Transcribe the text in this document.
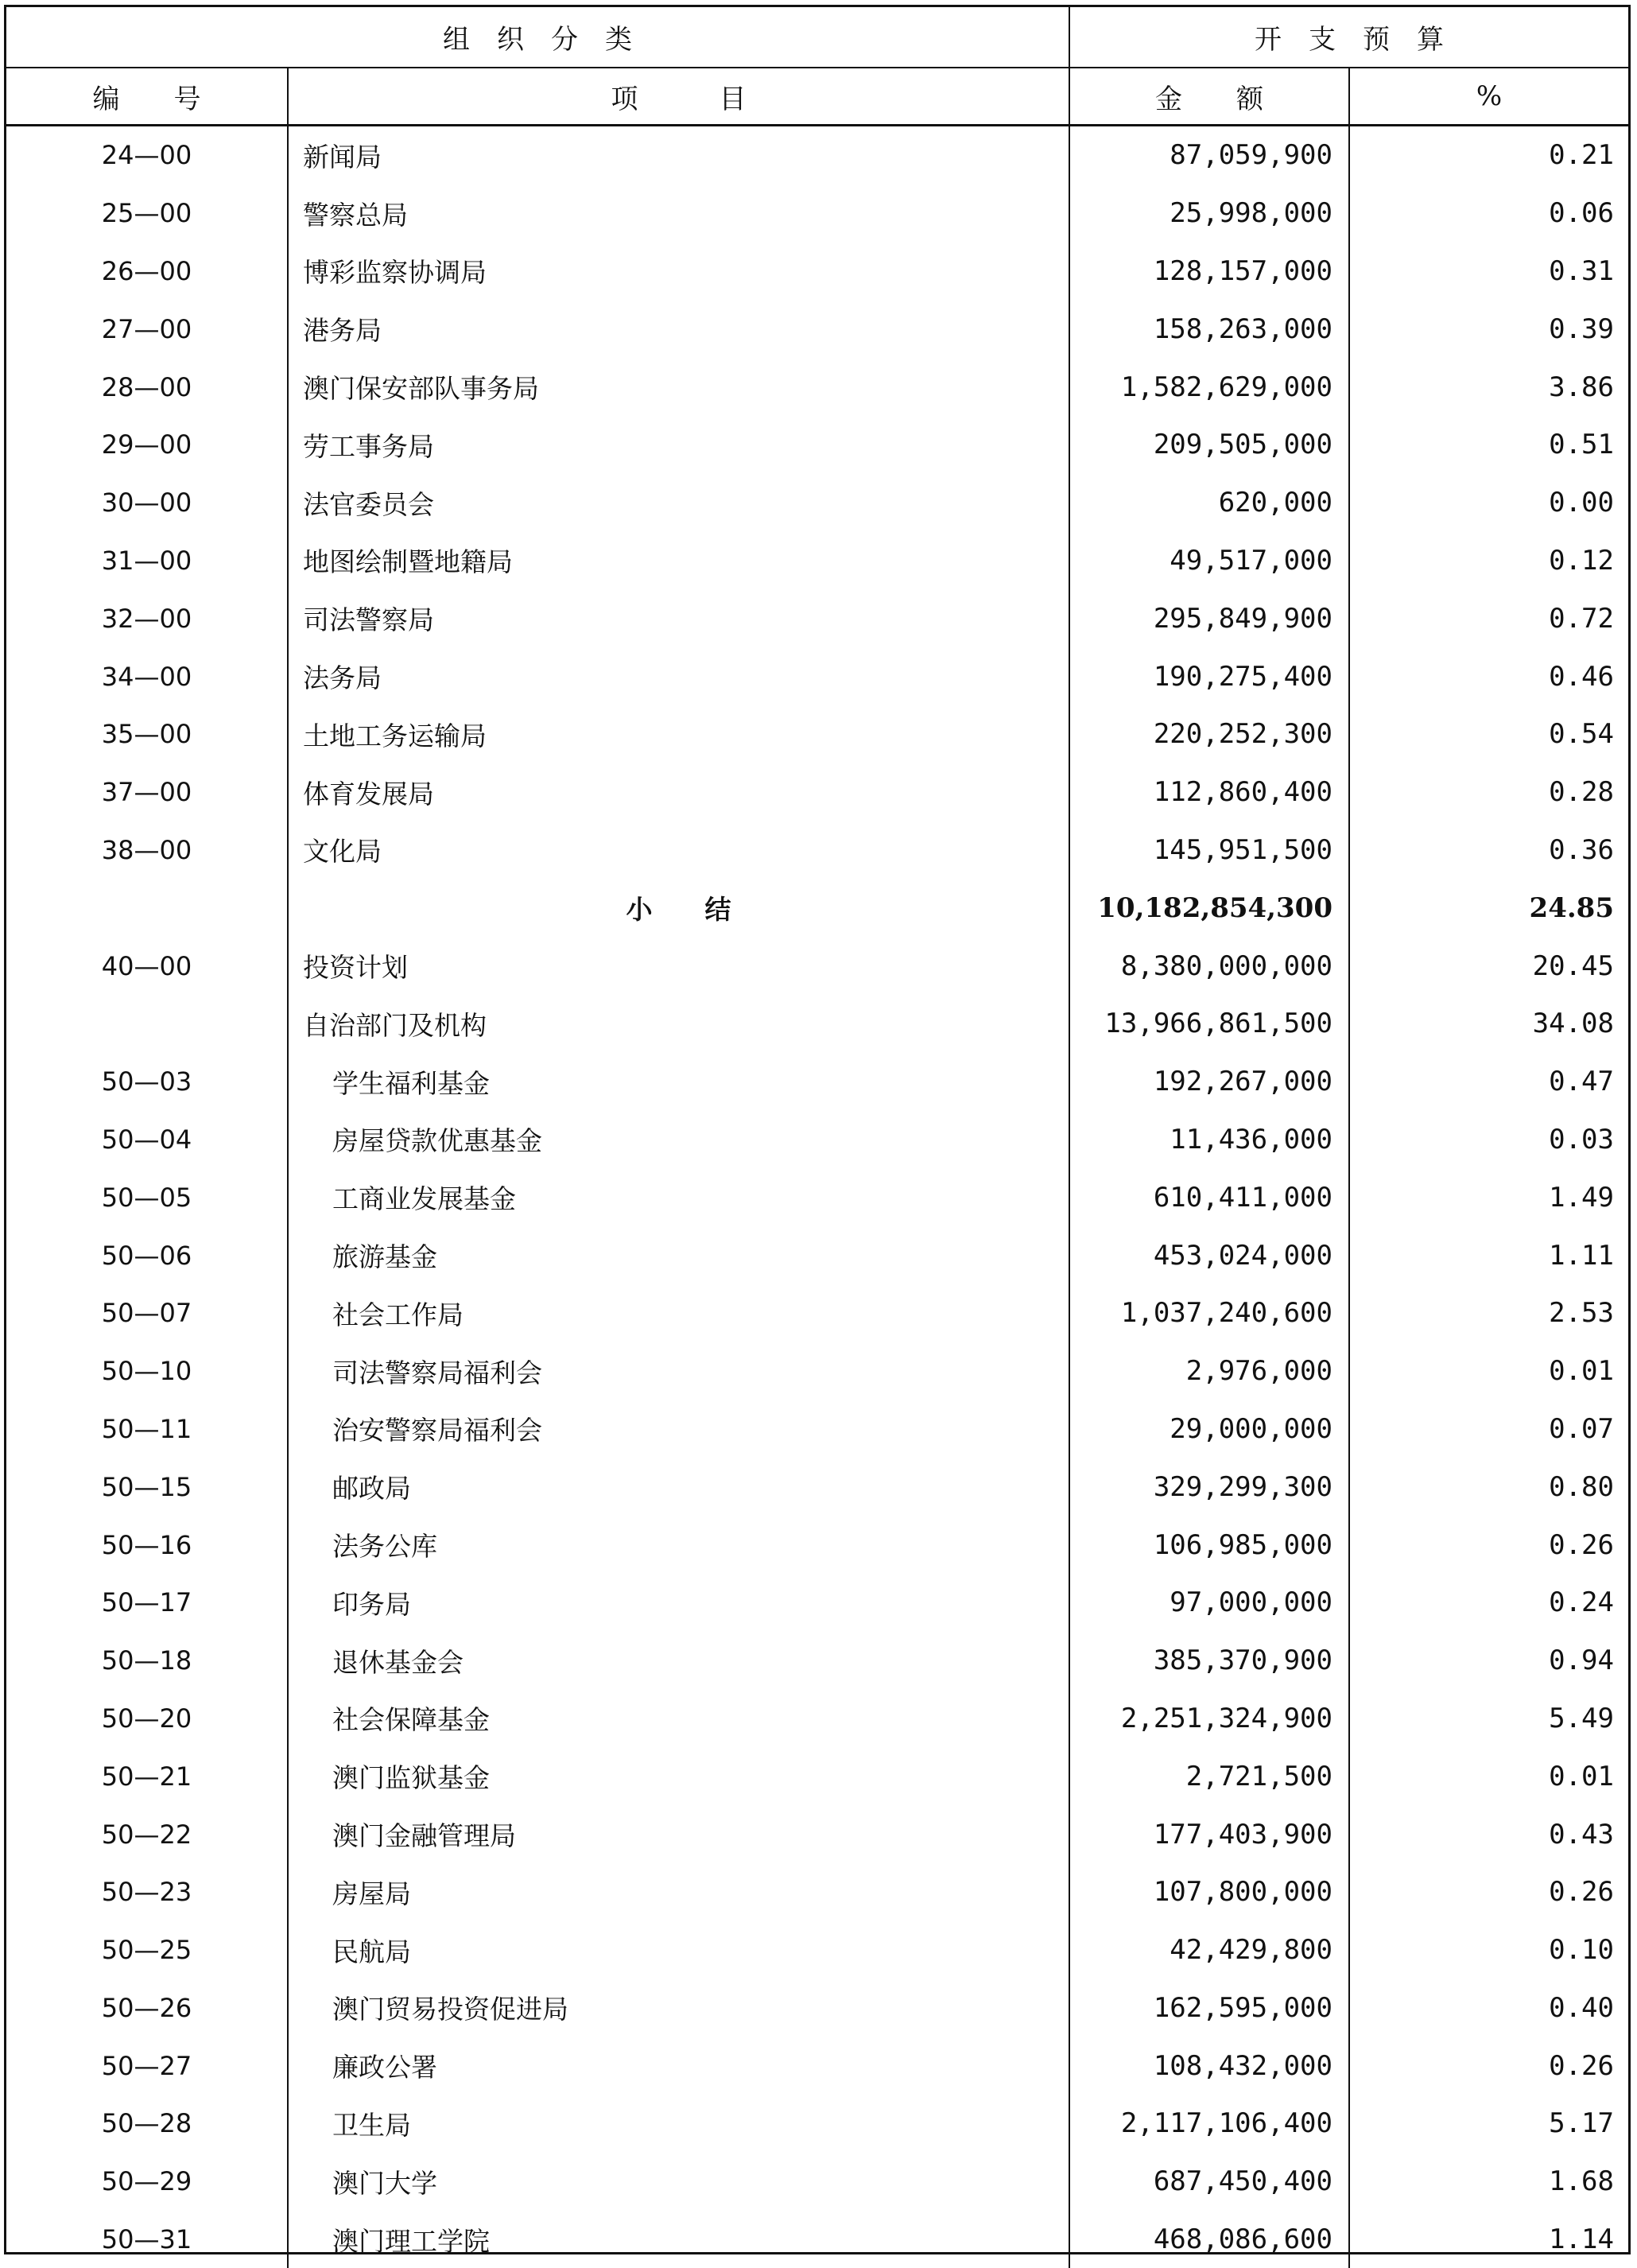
组　织　分　类		开　支　预　算	
编　　号	项　　　目	金　　额	%
24—00	新闻局	87,059,900	0.21
25—00	警察总局	25,998,000	0.06
26—00	博彩监察协调局	128,157,000	0.31
27—00	港务局	158,263,000	0.39
28—00	澳门保安部队事务局	1,582,629,000	3.86
29—00	劳工事务局	209,505,000	0.51
30—00	法官委员会	620,000	0.00
31—00	地图绘制暨地籍局	49,517,000	0.12
32—00	司法警察局	295,849,900	0.72
34—00	法务局	190,275,400	0.46
35—00	土地工务运输局	220,252,300	0.54
37—00	体育发展局	112,860,400	0.28
38—00	文化局	145,951,500	0.36
	小　　结	10,182,854,300	24.85
40—00	投资计划	8,380,000,000	20.45
	自治部门及机构	13,966,861,500	34.08
50—03	学生福利基金	192,267,000	0.47
50—04	房屋贷款优惠基金	11,436,000	0.03
50—05	工商业发展基金	610,411,000	1.49
50—06	旅游基金	453,024,000	1.11
50—07	社会工作局	1,037,240,600	2.53
50—10	司法警察局福利会	2,976,000	0.01
50—11	治安警察局福利会	29,000,000	0.07
50—15	邮政局	329,299,300	0.80
50—16	法务公库	106,985,000	0.26
50—17	印务局	97,000,000	0.24
50—18	退休基金会	385,370,900	0.94
50—20	社会保障基金	2,251,324,900	5.49
50—21	澳门监狱基金	2,721,500	0.01
50—22	澳门金融管理局	177,403,900	0.43
50—23	房屋局	107,800,000	0.26
50—25	民航局	42,429,800	0.10
50—26	澳门贸易投资促进局	162,595,000	0.40
50—27	廉政公署	108,432,000	0.26
50—28	卫生局	2,117,106,400	5.17
50—29	澳门大学	687,450,400	1.68
50—31	澳门理工学院	468,086,600	1.14
